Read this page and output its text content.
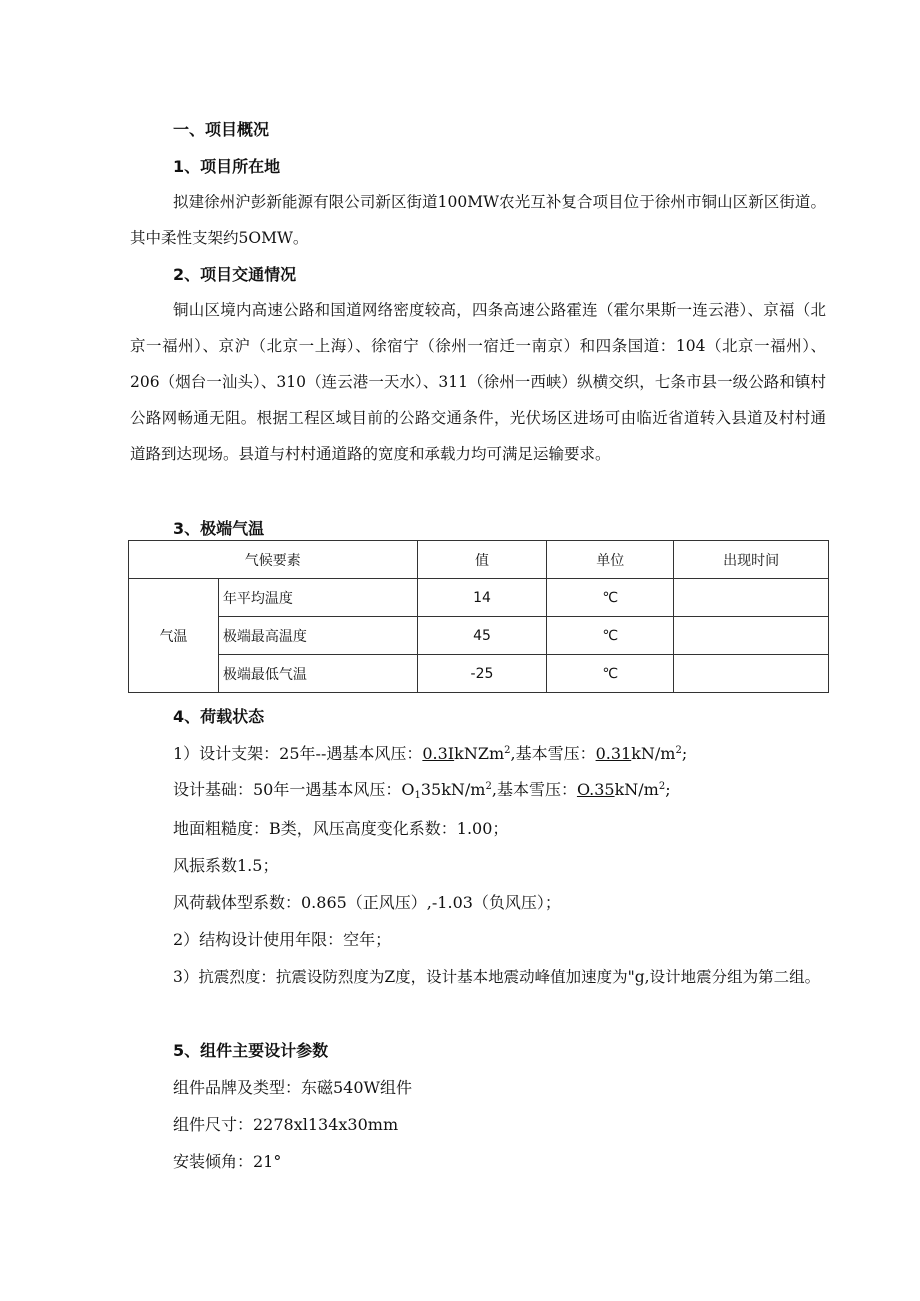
一、项目概况
1、项目所在地
拟建徐州沪彭新能源有限公司新区街道100MW农光互补复合项目位于徐州市铜山区新区街道。其中柔性支架约5OMW。
2、项目交通情况
铜山区境内高速公路和国道网络密度较高，四条高速公路霍连（霍尔果斯一连云港）、京福（北京一福州）、京沪（北京一上海）、徐宿宁（徐州一宿迁一南京）和四条国道：104（北京一福州）、206（烟台一汕头）、310（连云港一天水）、311（徐州一西峡）纵横交织，七条市县一级公路和镇村公路网畅通无阻。根据工程区域目前的公路交通条件，光伏场区进场可由临近省道转入县道及村村通道路到达现场。县道与村村通道路的宽度和承载力均可满足运输要求。
3、极端气温
气候要素		值	单位	出现时间
气温	年平均温度	14	℃	
	极端最高温度	45	℃	
	极端最低气温	-25	℃	
4、荷载状态
1）设计支架：25年--遇基本风压：0.3IkNZm$^2$,基本雪压：$0.31kN/m^2$;
设计基础：50年一遇基本风压：$O_135kN/m^2$,基本雪压：$O.35kN/m^2$;
地面粗糙度：B类，风压高度变化系数：1.00；
风振系数1.5；
风荷载体型系数：0.865（正风压）,-1.03（负风压）；
2）结构设计使用年限：空年；
3）抗震烈度：抗震设防烈度为Z度，设计基本地震动峰值加速度为"g,设计地震分组为第二组。
5、组件主要设计参数
组件品牌及类型：东磁540W组件
组件尺寸：2278xl134x30mm
安装倾角：21°
